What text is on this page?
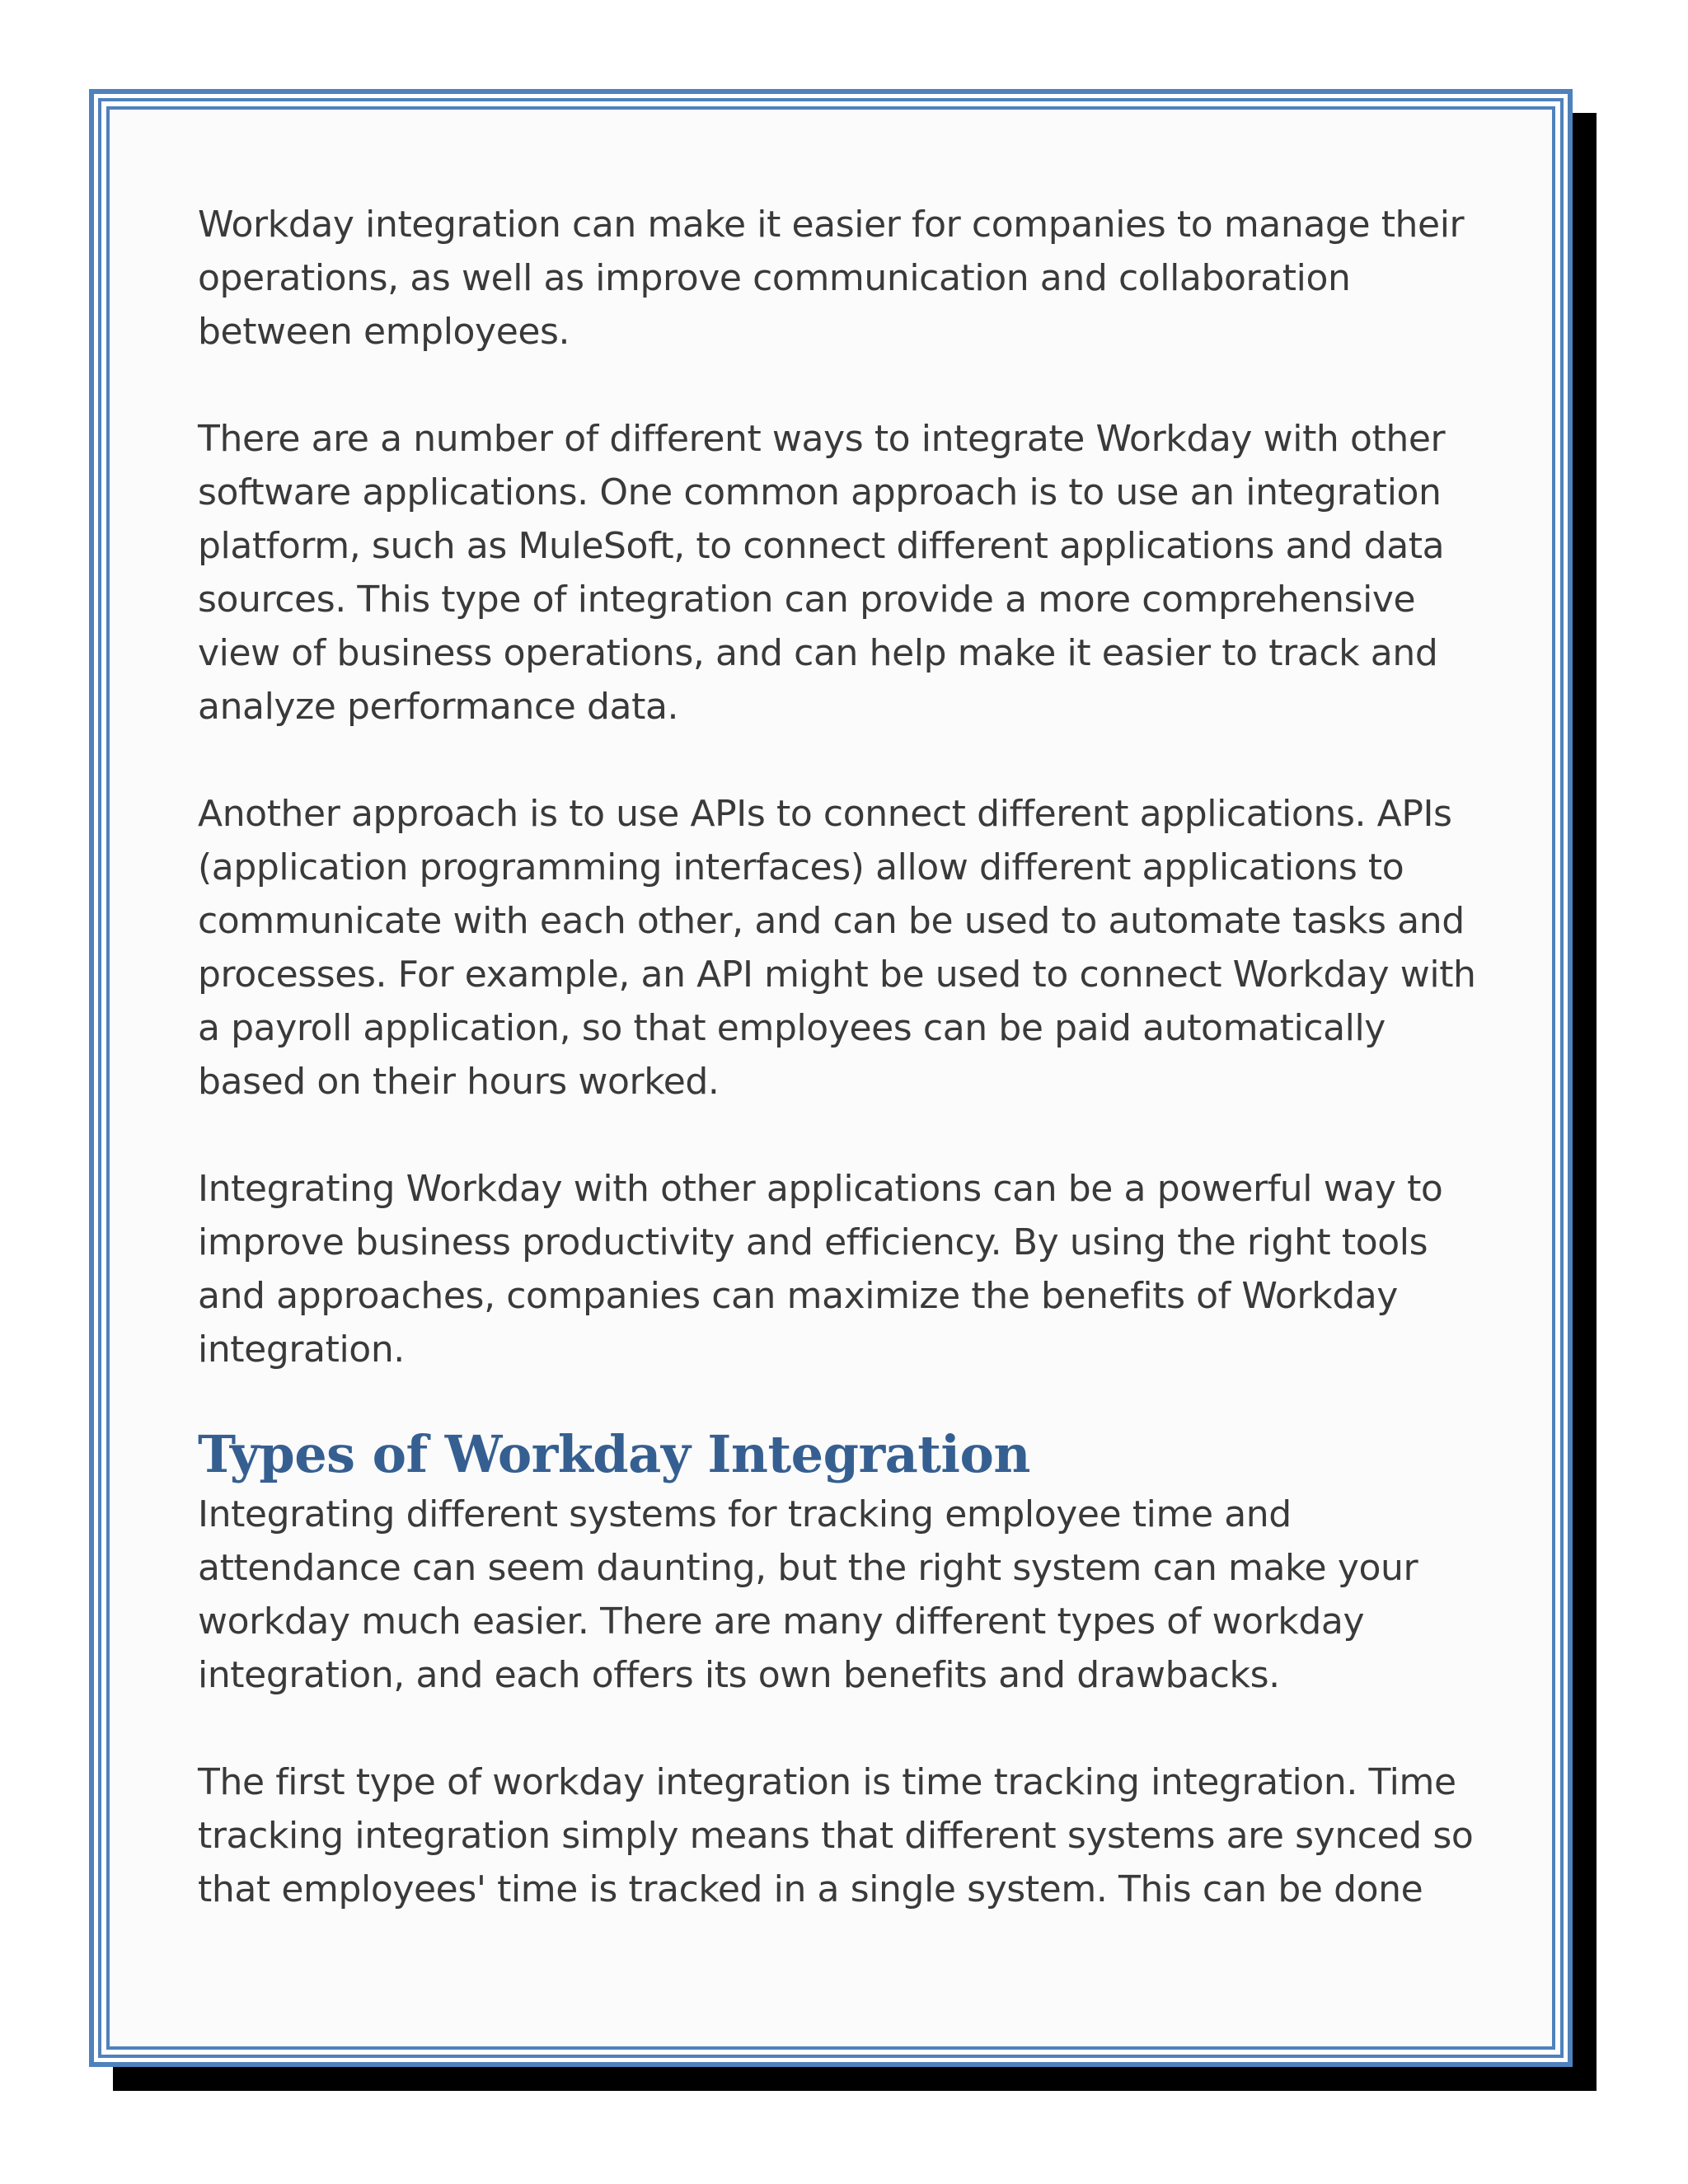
Workday integration can make it easier for companies to manage their operations, as well as improve communication and collaboration between employees.

There are a number of different ways to integrate Workday with other software applications. One common approach is to use an integration platform, such as MuleSoft, to connect different applications and data sources. This type of integration can provide a more comprehensive view of business operations, and can help make it easier to track and analyze performance data.

Another approach is to use APIs to connect different applications. APIs (application programming interfaces) allow different applications to communicate with each other, and can be used to automate tasks and processes. For example, an API might be used to connect Workday with a payroll application, so that employees can be paid automatically based on their hours worked.

Integrating Workday with other applications can be a powerful way to improve business productivity and efficiency. By using the right tools and approaches, companies can maximize the benefits of Workday integration.

Types of Workday Integration

Integrating different systems for tracking employee time and attendance can seem daunting, but the right system can make your workday much easier. There are many different types of workday integration, and each offers its own benefits and drawbacks.

The first type of workday integration is time tracking integration. Time tracking integration simply means that different systems are synced so that employees' time is tracked in a single system. This can be done
